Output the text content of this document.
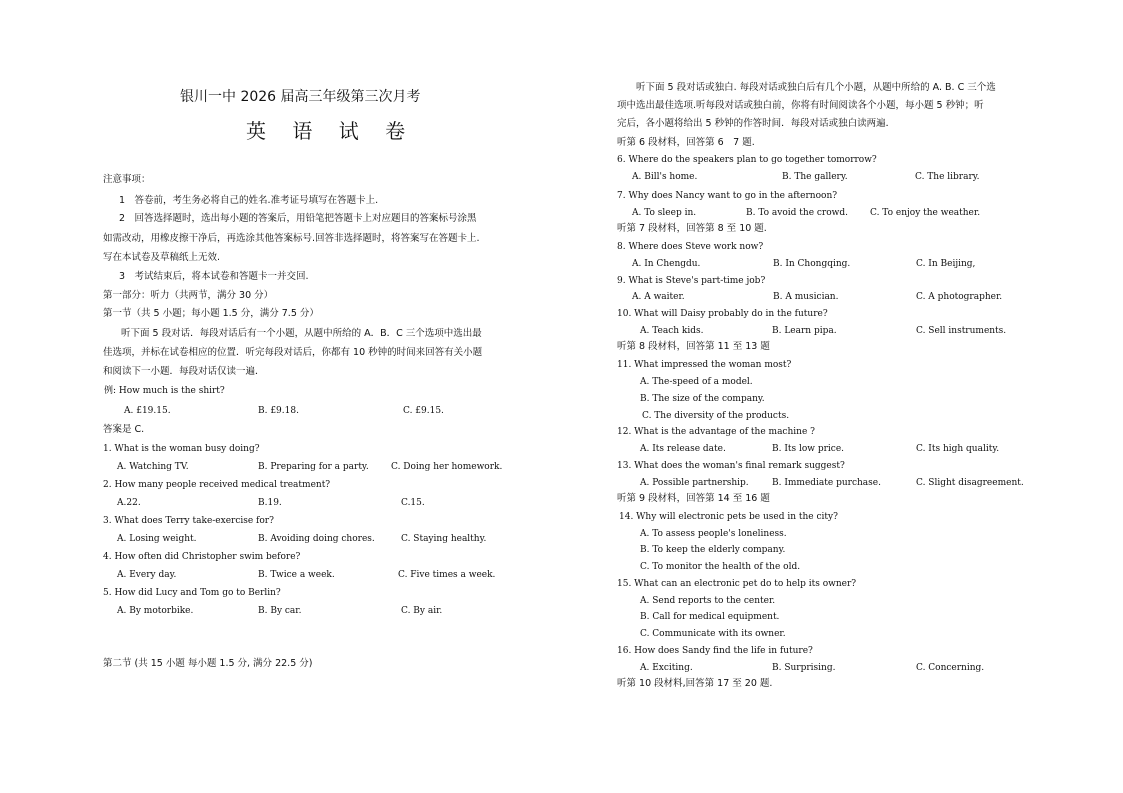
银川一中 2026 届高三年级第三次月考
英 语 试 卷
注意事项：
1　答卷前，考生务必将自己的姓名.准考证号填写在答题卡上.
2　回答选择题时，选出每小题的答案后，用铅笔把答题卡上对应题目的答案标号涂黑
如需改动，用橡皮擦干净后，再选涂其他答案标号.回答非选择题时，将答案写在答题卡上.
写在本试卷及草稿纸上无效.
3　考试结束后，将本试卷和答题卡一并交回.
第一部分：听力（共两节，满分 30 分）
第一节（共 5 小题；每小题 1.5 分，满分 7.5 分）
听下面 5 段对话．每段对话后有一个小题，从题中所给的 A．B．C 三个选项中选出最
佳选项，并标在试卷相应的位置．听完每段对话后，你都有 10 秒钟的时间来回答有关小题
和阅读下一小题．每段对话仅读一遍．
例: How much is the shirt?
A. £19.15.	B. £9.18.	C. £9.15.
答案是 C.
1. What is the woman busy doing?
A. Watching TV.	B. Preparing for a party. C. Doing her homework.
2. How many people received medical treatment?
A.22.	B.19.	C.15.
3. What does Terry take-exercise for?
A. Losing weight.	B. Avoiding doing chores.	C. Staying healthy.
4. How often did Christopher swim before?
A. Every day.	B. Twice a week.	C. Five times a week.
5. How did Lucy and Tom go to Berlin?
A. By motorbike.	B. By car.	C. By air.
第二节 (共 15 小题 每小题 1.5 分, 满分 22.5 分)
听下面 5 段对话或独白. 每段对话或独白后有几个小题，从题中所给的 A. B. C 三个选
项中选出最佳选项.听每段对话或独白前，你将有时间阅读各个小题，每小题 5 秒钟；听
完后，各小题将给出 5 秒钟的作答时间．每段对话或独白读两遍．
听第 6 段材料，回答第 6　7 题.
6. Where do the speakers plan to go together tomorrow?
A. Bill's home.	B. The gallery.	C. The library.
7. Why does Nancy want to go in the afternoon?
A. To sleep in.	B. To avoid the crowd. C. To enjoy the weather.
听第 7 段材料，回答第 8 至 10 题.
8. Where does Steve work now?
A. In Chengdu.	B. In Chongqing.	C. In Beijing,
9. What is Steve's part-time job?
A. A waiter.	B. A musician.	C. A photographer.
10. What will Daisy probably do in the future?
A. Teach kids.	B. Learn pipa.	C. Sell instruments.
听第 8 段材料，回答第 11 至 13 题
11. What impressed the woman most?
A. The-speed of a model.
B. The size of the company.
C. The diversity of the products.
12. What is the advantage of the machine ?
A. Its release date.	B. Its low price.	C. Its high quality.
13. What does the woman's final remark suggest?
A. Possible partnership.	B. Immediate purchase.	C. Slight disagreement.
听第 9 段材料，回答第 14 至 16 题
14. Why will electronic pets be used in the city?
A. To assess people's loneliness.
B. To keep the elderly company.
C. To monitor the health of the old.
15. What can an electronic pet do to help its owner?
A. Send reports to the center.
B. Call for medical equipment.
C. Communicate with its owner.
16. How does Sandy find the life in future?
A. Exciting.	B. Surprising.	C. Concerning.
听第 10 段材料,回答第 17 至 20 题.
